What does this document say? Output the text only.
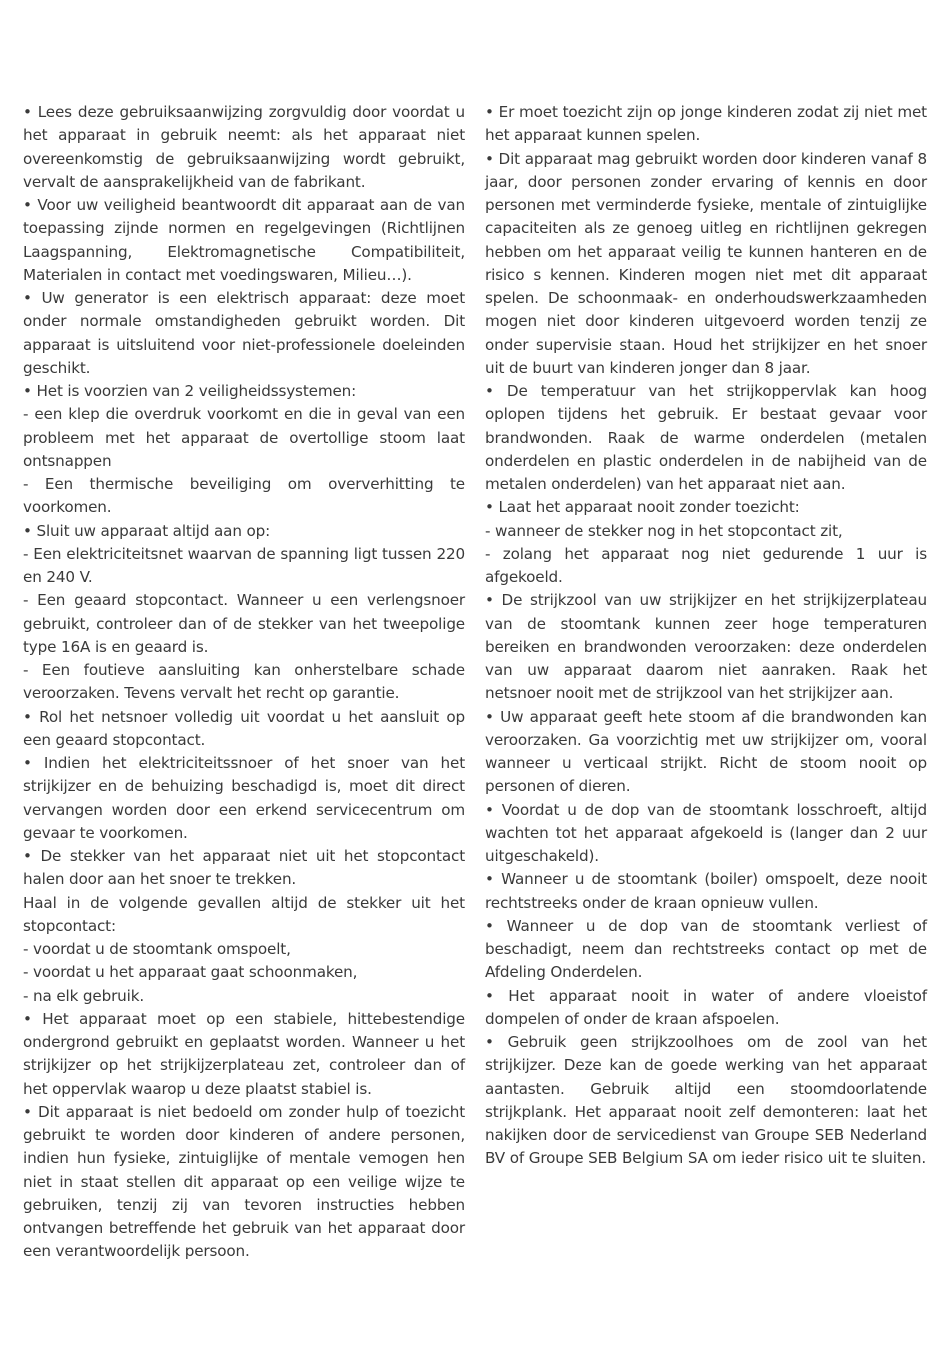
• Lees deze gebruiksaanwijzing zorgvuldig door voordat u het apparaat in gebruik neemt: als het apparaat niet overeenkomstig de gebruiksaanwijzing wordt gebruikt, vervalt de aansprakelijkheid van de fabrikant.

• Voor uw veiligheid beantwoordt dit apparaat aan de van toepassing zijnde normen en regelgevingen (Richtlijnen Laagspanning, Elektromagnetische Compatibiliteit, Materialen in contact met voedingswaren, Milieu…).

• Uw generator is een elektrisch apparaat: deze moet onder normale omstandigheden gebruikt worden. Dit apparaat is uitsluitend voor niet-professionele doeleinden geschikt.

• Het is voorzien van 2 veiligheidssystemen:

- een klep die overdruk voorkomt en die in geval van een probleem met het apparaat de overtollige stoom laat ontsnappen

- Een thermische beveiliging om oververhitting te voorkomen.

• Sluit uw apparaat altijd aan op:

- Een elektriciteitsnet waarvan de spanning ligt tussen 220 en 240 V.

- Een geaard stopcontact. Wanneer u een verlengsnoer gebruikt, controleer dan of de stekker van het tweepolige type 16A is en geaard is.

- Een foutieve aansluiting kan onherstelbare schade veroorzaken. Tevens vervalt het recht op garantie.

• Rol het netsnoer volledig uit voordat u het aansluit op een geaard stopcontact.

• Indien het elektriciteitssnoer of het snoer van het strijkijzer en de behuizing beschadigd is, moet dit direct vervangen worden door een erkend servicecentrum om gevaar te voorkomen.

• De stekker van het apparaat niet uit het stopcontact halen door aan het snoer te trekken.

Haal in de volgende gevallen altijd de stekker uit het stopcontact:

- voordat u de stoomtank omspoelt,

- voordat u het apparaat gaat schoonmaken,

- na elk gebruik.

• Het apparaat moet op een stabiele, hittebestendige ondergrond gebruikt en geplaatst worden. Wanneer u het strijkijzer op het strijkijzerplateau zet, controleer dan of het oppervlak waarop u deze plaatst stabiel is.

• Dit apparaat is niet bedoeld om zonder hulp of toezicht gebruikt te worden door kinderen of andere personen, indien hun fysieke, zintuiglijke of mentale vemogen hen niet in staat stellen dit apparaat op een veilige wijze te gebruiken, tenzij zij van tevoren instructies hebben ontvangen betreffende het gebruik van het apparaat door een verantwoordelijk persoon.

• Er moet toezicht zijn op jonge kinderen zodat zij niet met het apparaat kunnen spelen.

• Dit apparaat mag gebruikt worden door kinderen vanaf 8 jaar, door personen zonder ervaring of kennis en door personen met verminderde fysieke, mentale of zintuiglijke capaciteiten als ze genoeg uitleg en richtlijnen gekregen hebben om het apparaat veilig te kunnen hanteren en de risico s kennen. Kinderen mogen niet met dit apparaat spelen. De schoonmaak- en onderhoudswerkzaamheden mogen niet door kinderen uitgevoerd worden tenzij ze onder supervisie staan. Houd het strijkijzer en het snoer uit de buurt van kinderen jonger dan 8 jaar.

• De temperatuur van het strijkoppervlak kan hoog oplopen tijdens het gebruik. Er bestaat gevaar voor brandwonden. Raak de warme onderdelen (metalen onderdelen en plastic onderdelen in de nabijheid van de metalen onderdelen) van het apparaat niet aan.

• Laat het apparaat nooit zonder toezicht:

- wanneer de stekker nog in het stopcontact zit,

- zolang het apparaat nog niet gedurende 1 uur is afgekoeld.

• De strijkzool van uw strijkijzer en het strijkijzerplateau van de stoomtank kunnen zeer hoge temperaturen bereiken en brandwonden veroorzaken: deze onderdelen van uw apparaat daarom niet aanraken. Raak het netsnoer nooit met de strijkzool van het strijkijzer aan.

• Uw apparaat geeft hete stoom af die brandwonden kan veroorzaken. Ga voorzichtig met uw strijkijzer om, vooral wanneer u verticaal strijkt. Richt de stoom nooit op personen of dieren.

• Voordat u de dop van de stoomtank losschroeft, altijd wachten tot het apparaat afgekoeld is (langer dan 2 uur uitgeschakeld).

• Wanneer u de stoomtank (boiler) omspoelt, deze nooit rechtstreeks onder de kraan opnieuw vullen.

• Wanneer u de dop van de stoomtank verliest of beschadigt, neem dan rechtstreeks contact op met de Afdeling Onderdelen.

• Het apparaat nooit in water of andere vloeistof dompelen of onder de kraan afspoelen.

• Gebruik geen strijkzoolhoes om de zool van het strijkijzer. Deze kan de goede werking van het apparaat aantasten. Gebruik altijd een stoomdoorlatende strijkplank. Het apparaat nooit zelf demonteren: laat het nakijken door de servicedienst van Groupe SEB Nederland BV of Groupe SEB Belgium SA om ieder risico uit te sluiten.
